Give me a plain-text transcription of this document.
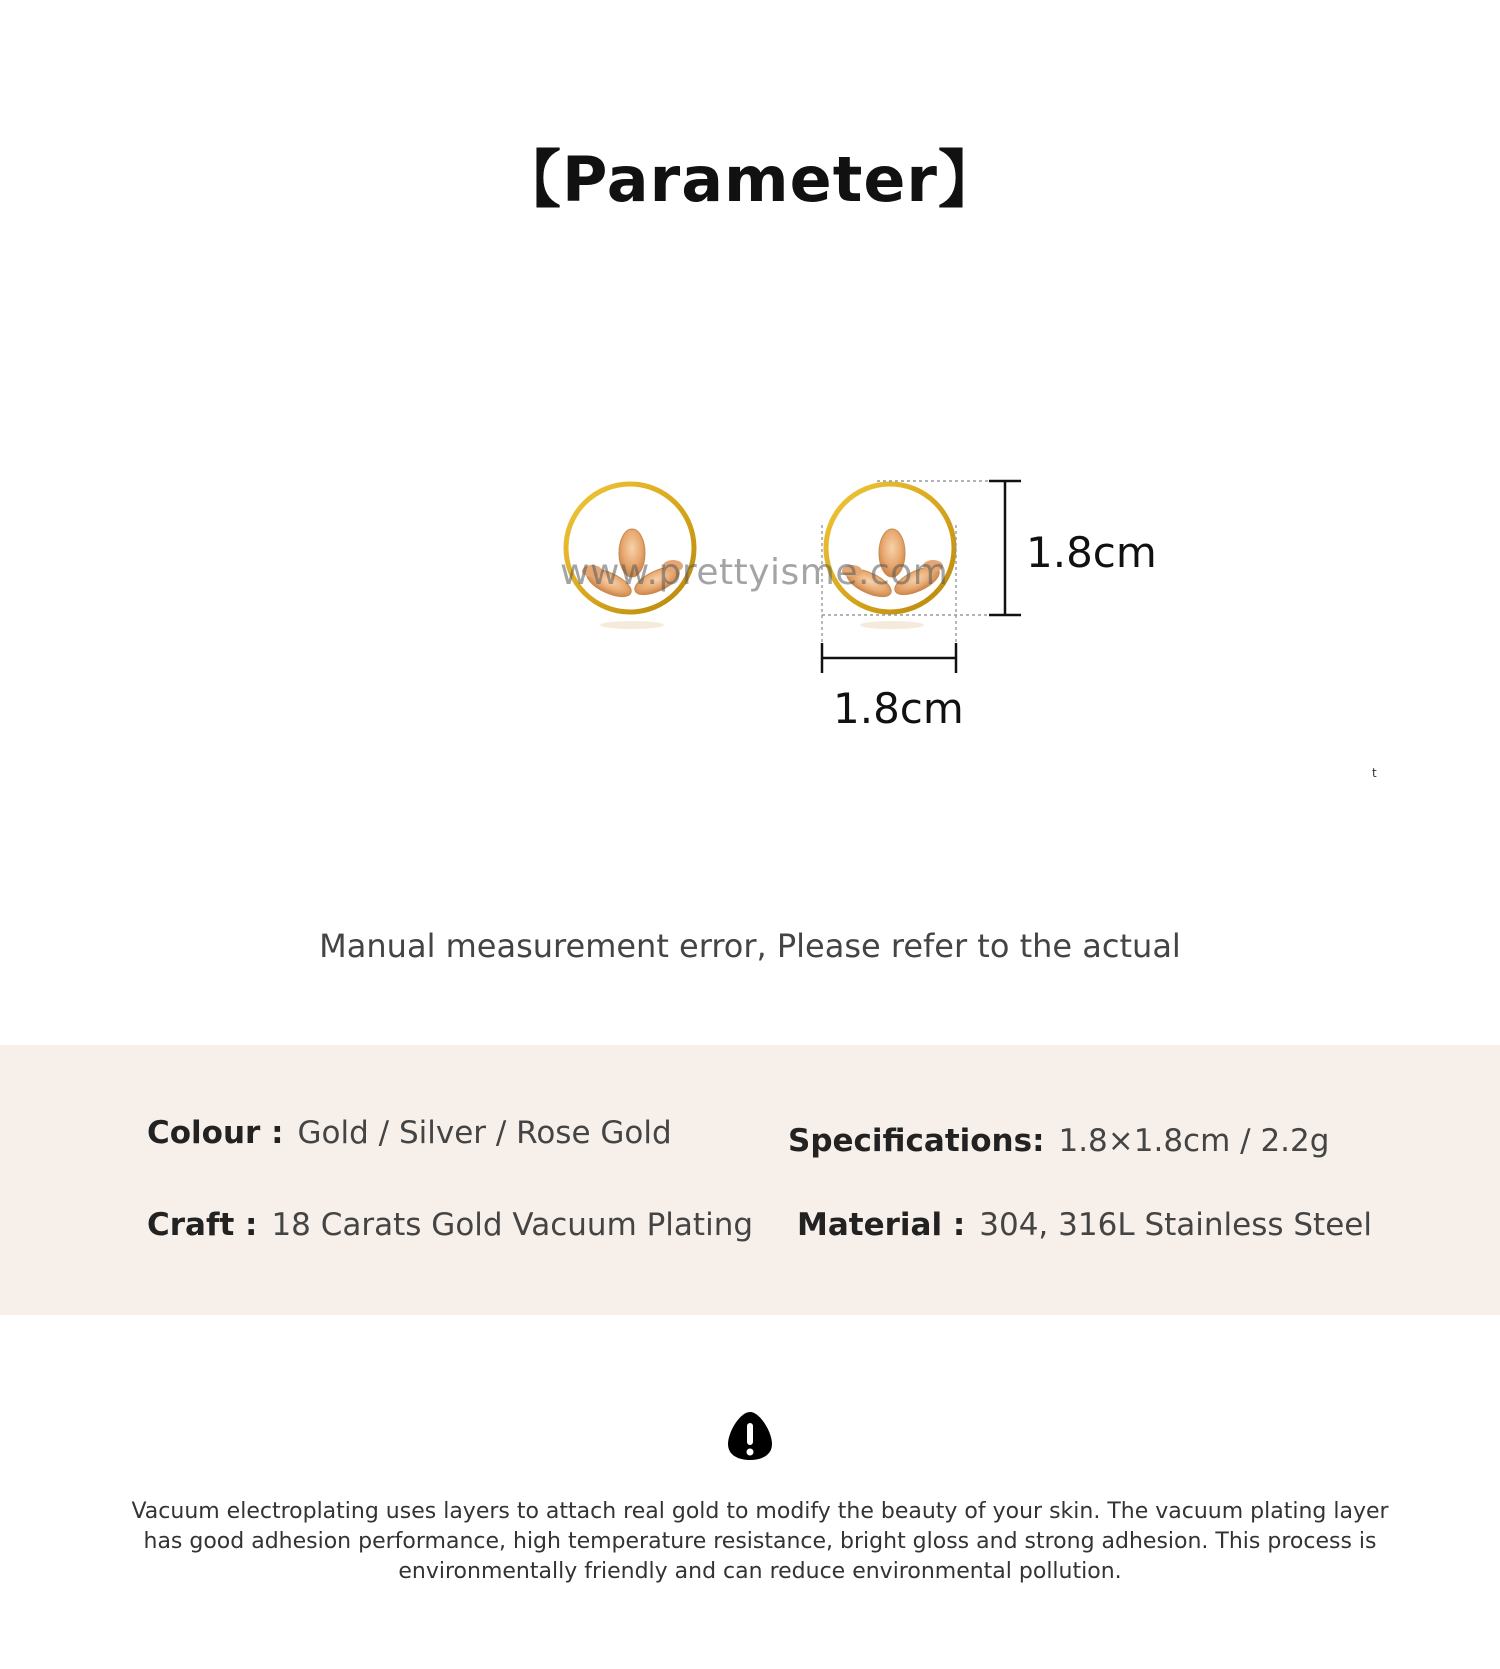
【Parameter】
www.prettyisme.com 1.8cm
1.8cm
t
Manual measurement error, Please refer to the actual
Colour : Gold / Silver / Rose Gold	Specifications: 1.8×1.8cm / 2.2g
Craft : 18 Carats Gold Vacuum Plating Material : 304, 316L Stainless Steel
Vacuum electroplating uses layers to attach real gold to modify the beauty of your skin. The vacuum plating layer has good adhesion performance, high temperature resistance, bright gloss and strong adhesion. This process is environmentally friendly and can reduce environmental pollution.
